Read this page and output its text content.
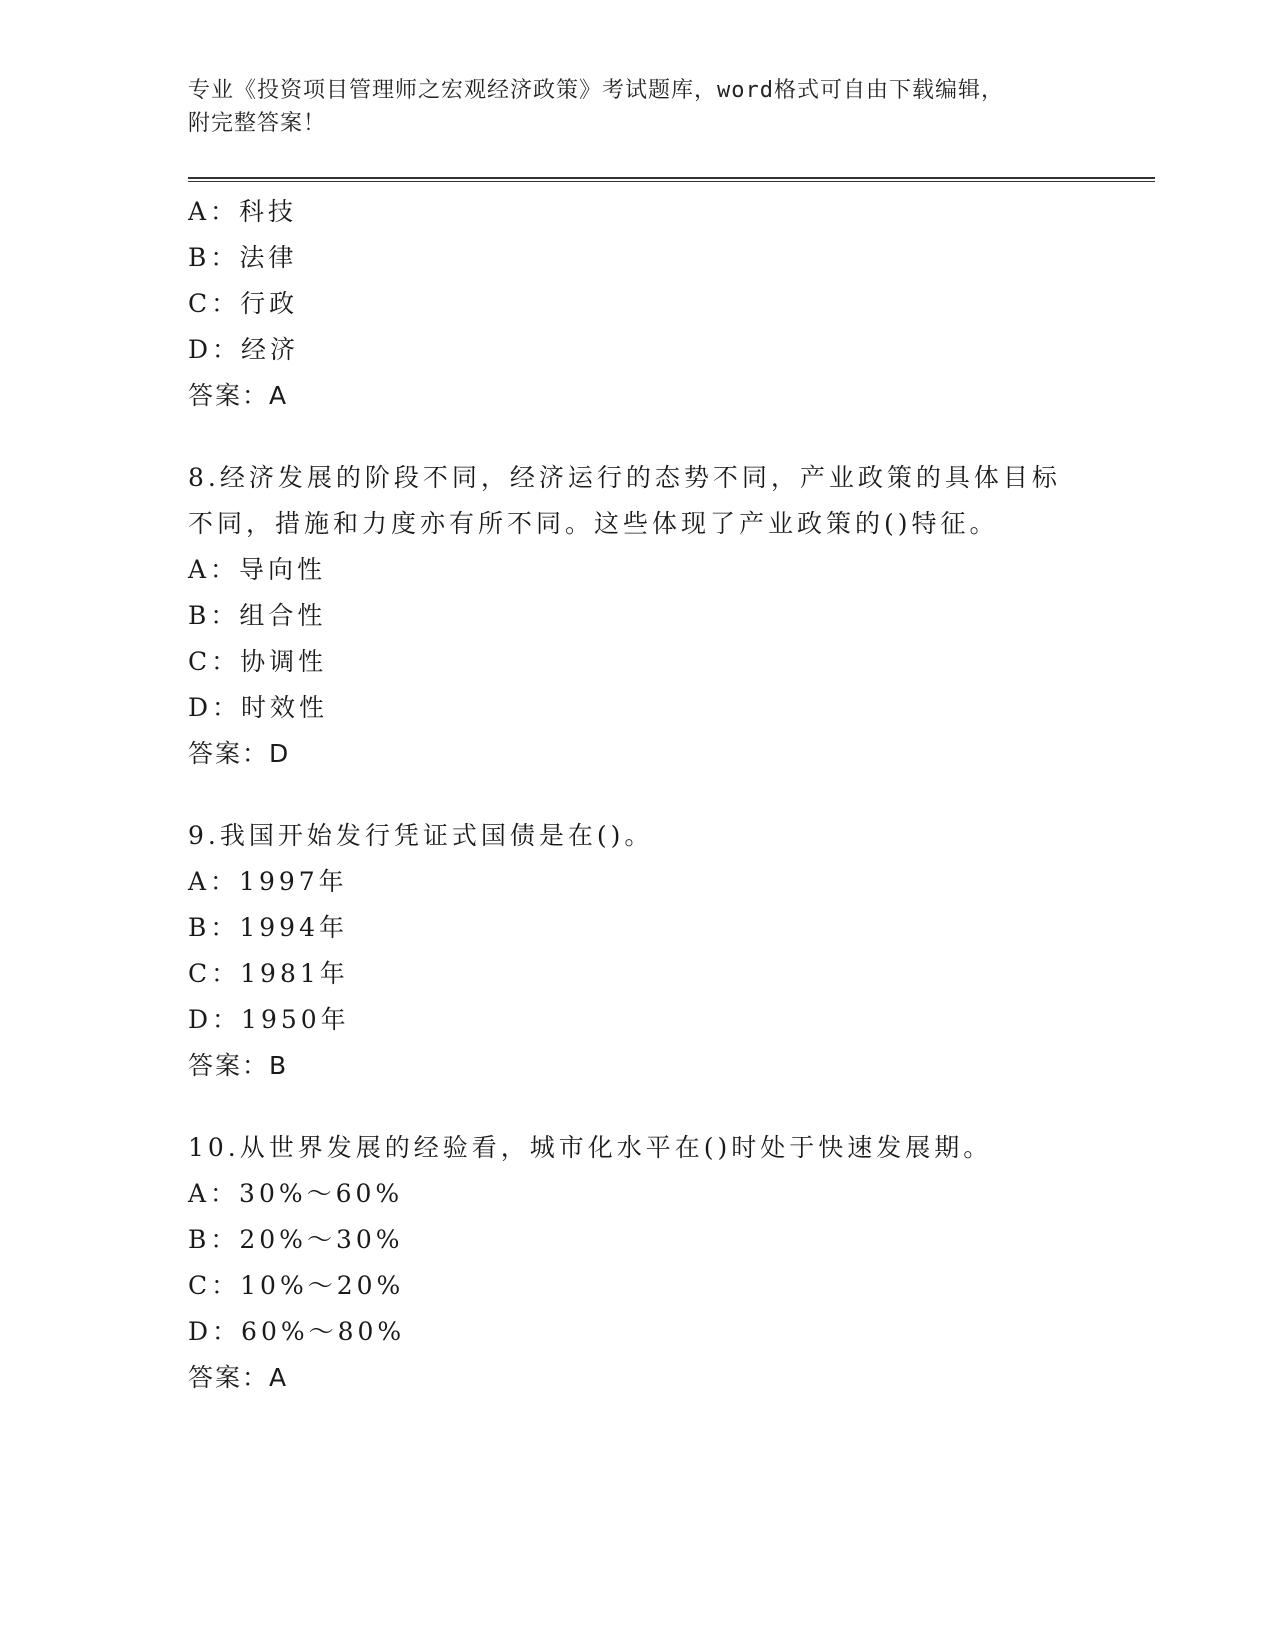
专业《投资项目管理师之宏观经济政策》考试题库，word格式可自由下载编辑，
附完整答案！

A：科技

B：法律

C：行政

D：经济

答案：A

8.经济发展的阶段不同，经济运行的态势不同，产业政策的具体目标

不同，措施和力度亦有所不同。这些体现了产业政策的()特征。

A：导向性

B：组合性

C：协调性

D：时效性

答案：D

9.我国开始发行凭证式国债是在()。

A：1997年

B：1994年

C：1981年

D：1950年

答案：B

10.从世界发展的经验看，城市化水平在()时处于快速发展期。

A：30%～60%

B：20%～30%

C：10%～20%

D：60%～80%

答案：A
